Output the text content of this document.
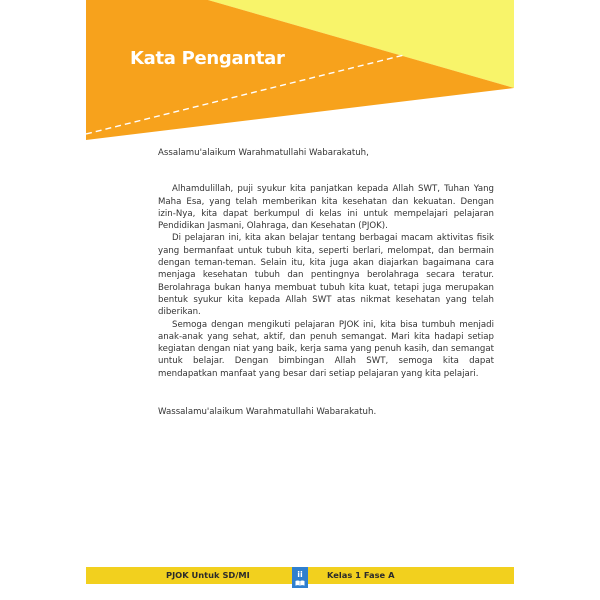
Kata Pengantar

Assalamu'alaikum Warahmatullahi Wabarakatuh,

Alhamdulillah, puji syukur kita panjatkan kepada Allah SWT, Tuhan Yang Maha Esa, yang telah memberikan kita kesehatan dan kekuatan. Dengan izin-Nya, kita dapat berkumpul di kelas ini untuk mempelajari pelajaran Pendidikan Jasmani, Olahraga, dan Kesehatan (PJOK).

Di pelajaran ini, kita akan belajar tentang berbagai macam aktivitas fisik yang bermanfaat untuk tubuh kita, seperti berlari, melompat, dan bermain dengan teman-teman. Selain itu, kita juga akan diajarkan bagaimana cara menjaga kesehatan tubuh dan pentingnya berolahraga secara teratur. Berolahraga bukan hanya membuat tubuh kita kuat, tetapi juga merupakan bentuk syukur kita kepada Allah SWT atas nikmat kesehatan yang telah diberikan.

Semoga dengan mengikuti pelajaran PJOK ini, kita bisa tumbuh menjadi anak-anak yang sehat, aktif, dan penuh semangat. Mari kita hadapi setiap kegiatan dengan niat yang baik, kerja sama yang penuh kasih, dan semangat untuk belajar. Dengan bimbingan Allah SWT, semoga kita dapat mendapatkan manfaat yang besar dari setiap pelajaran yang kita pelajari.

Wassalamu'alaikum Warahmatullahi Wabarakatuh.

PJOK Untuk SD/MI	ii	Kelas 1 Fase A
